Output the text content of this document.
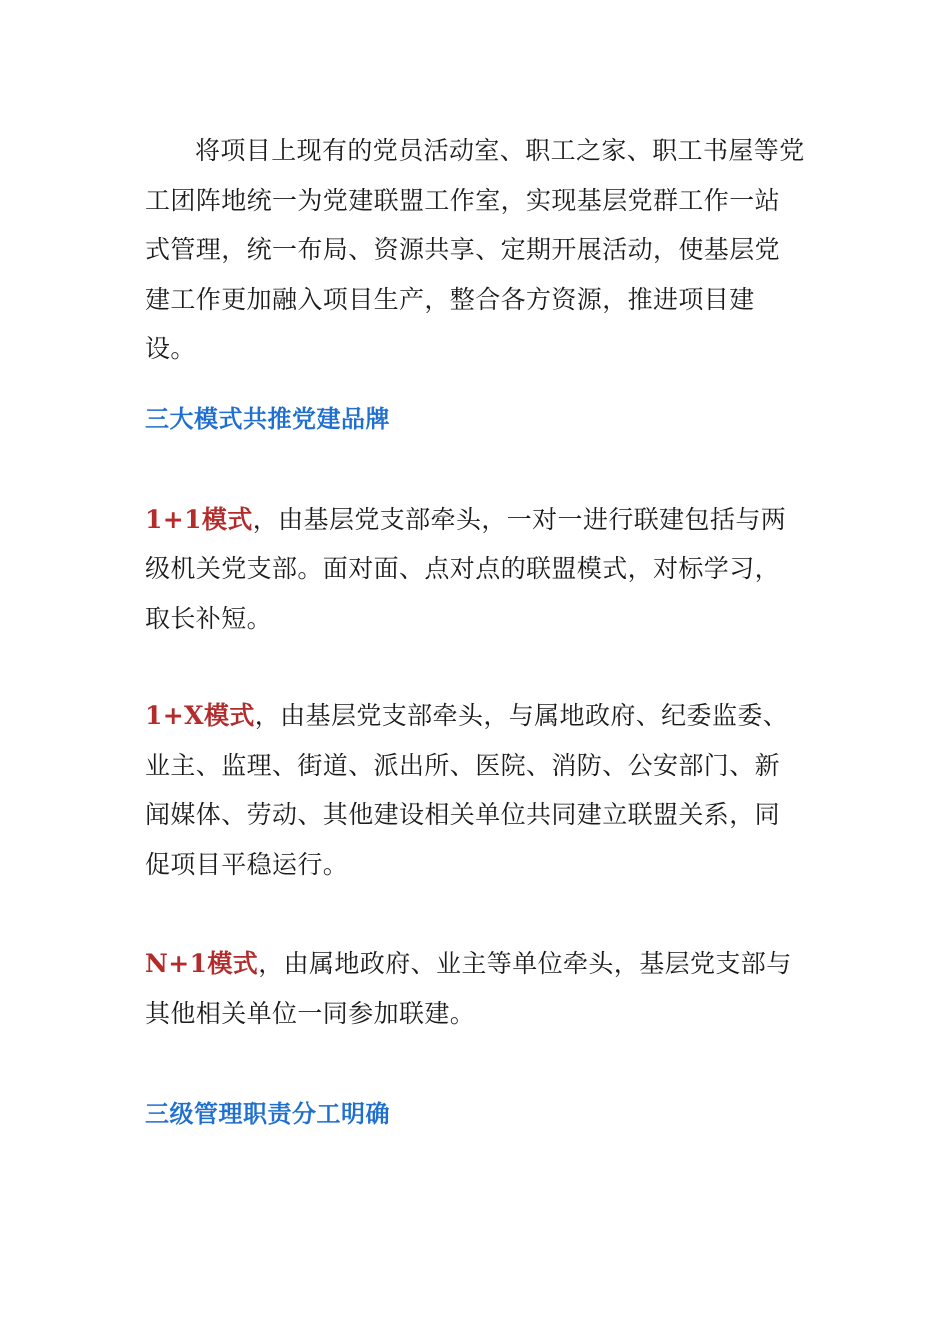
将项目上现有的党员活动室、职工之家、职工书屋等党工团阵地统一为党建联盟工作室，实现基层党群工作一站式管理，统一布局、资源共享、定期开展活动，使基层党建工作更加融入项目生产，整合各方资源，推进项目建设。

三大模式共推党建品牌

1+1模式，由基层党支部牵头，一对一进行联建包括与两级机关党支部。面对面、点对点的联盟模式，对标学习，取长补短。

1+X模式，由基层党支部牵头，与属地政府、纪委监委、业主、监理、街道、派出所、医院、消防、公安部门、新闻媒体、劳动、其他建设相关单位共同建立联盟关系，同促项目平稳运行。

N+1模式，由属地政府、业主等单位牵头，基层党支部与其他相关单位一同参加联建。

三级管理职责分工明确
